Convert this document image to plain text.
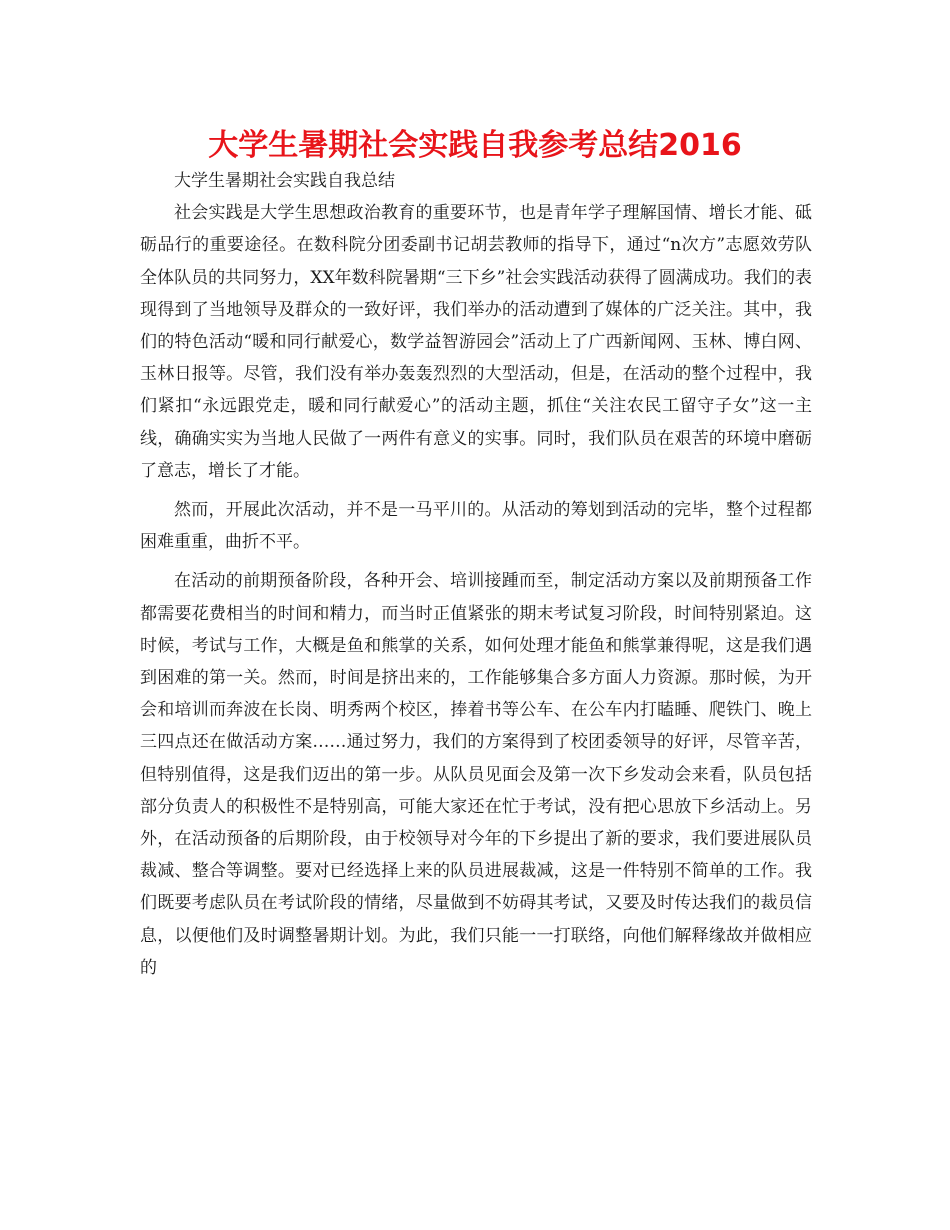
大学生暑期社会实践自我参考总结2016

大学生暑期社会实践自我总结

社会实践是大学生思想政治教育的重要环节，也是青年学子理解国情、增长才能、砥砺品行的重要途径。在数科院分团委副书记胡芸教师的指导下，通过“n次方”志愿效劳队全体队员的共同努力，XX年数科院暑期“三下乡”社会实践活动获得了圆满成功。我们的表现得到了当地领导及群众的一致好评，我们举办的活动遭到了媒体的广泛关注。其中，我们的特色活动“暖和同行献爱心，数学益智游园会”活动上了广西新闻网、玉林、博白网、玉林日报等。尽管，我们没有举办轰轰烈烈的大型活动，但是，在活动的整个过程中，我们紧扣“永远跟党走，暖和同行献爱心”的活动主题，抓住“关注农民工留守子女”这一主线，确确实实为当地人民做了一两件有意义的实事。同时，我们队员在艰苦的环境中磨砺了意志，增长了才能。

然而，开展此次活动，并不是一马平川的。从活动的筹划到活动的完毕，整个过程都困难重重，曲折不平。

在活动的前期预备阶段，各种开会、培训接踵而至，制定活动方案以及前期预备工作都需要花费相当的时间和精力，而当时正值紧张的期末考试复习阶段，时间特别紧迫。这时候，考试与工作，大概是鱼和熊掌的关系，如何处理才能鱼和熊掌兼得呢，这是我们遇到困难的第一关。然而，时间是挤出来的，工作能够集合多方面人力资源。那时候，为开会和培训而奔波在长岗、明秀两个校区，捧着书等公车、在公车内打瞌睡、爬铁门、晚上三四点还在做活动方案……通过努力，我们的方案得到了校团委领导的好评，尽管辛苦，但特别值得，这是我们迈出的第一步。从队员见面会及第一次下乡发动会来看，队员包括部分负责人的积极性不是特别高，可能大家还在忙于考试，没有把心思放下乡活动上。另外，在活动预备的后期阶段，由于校领导对今年的下乡提出了新的要求，我们要进展队员裁减、整合等调整。要对已经选择上来的队员进展裁减，这是一件特别不简单的工作。我们既要考虑队员在考试阶段的情绪，尽量做到不妨碍其考试，又要及时传达我们的裁员信息，以便他们及时调整暑期计划。为此，我们只能一一打联络，向他们解释缘故并做相应的
